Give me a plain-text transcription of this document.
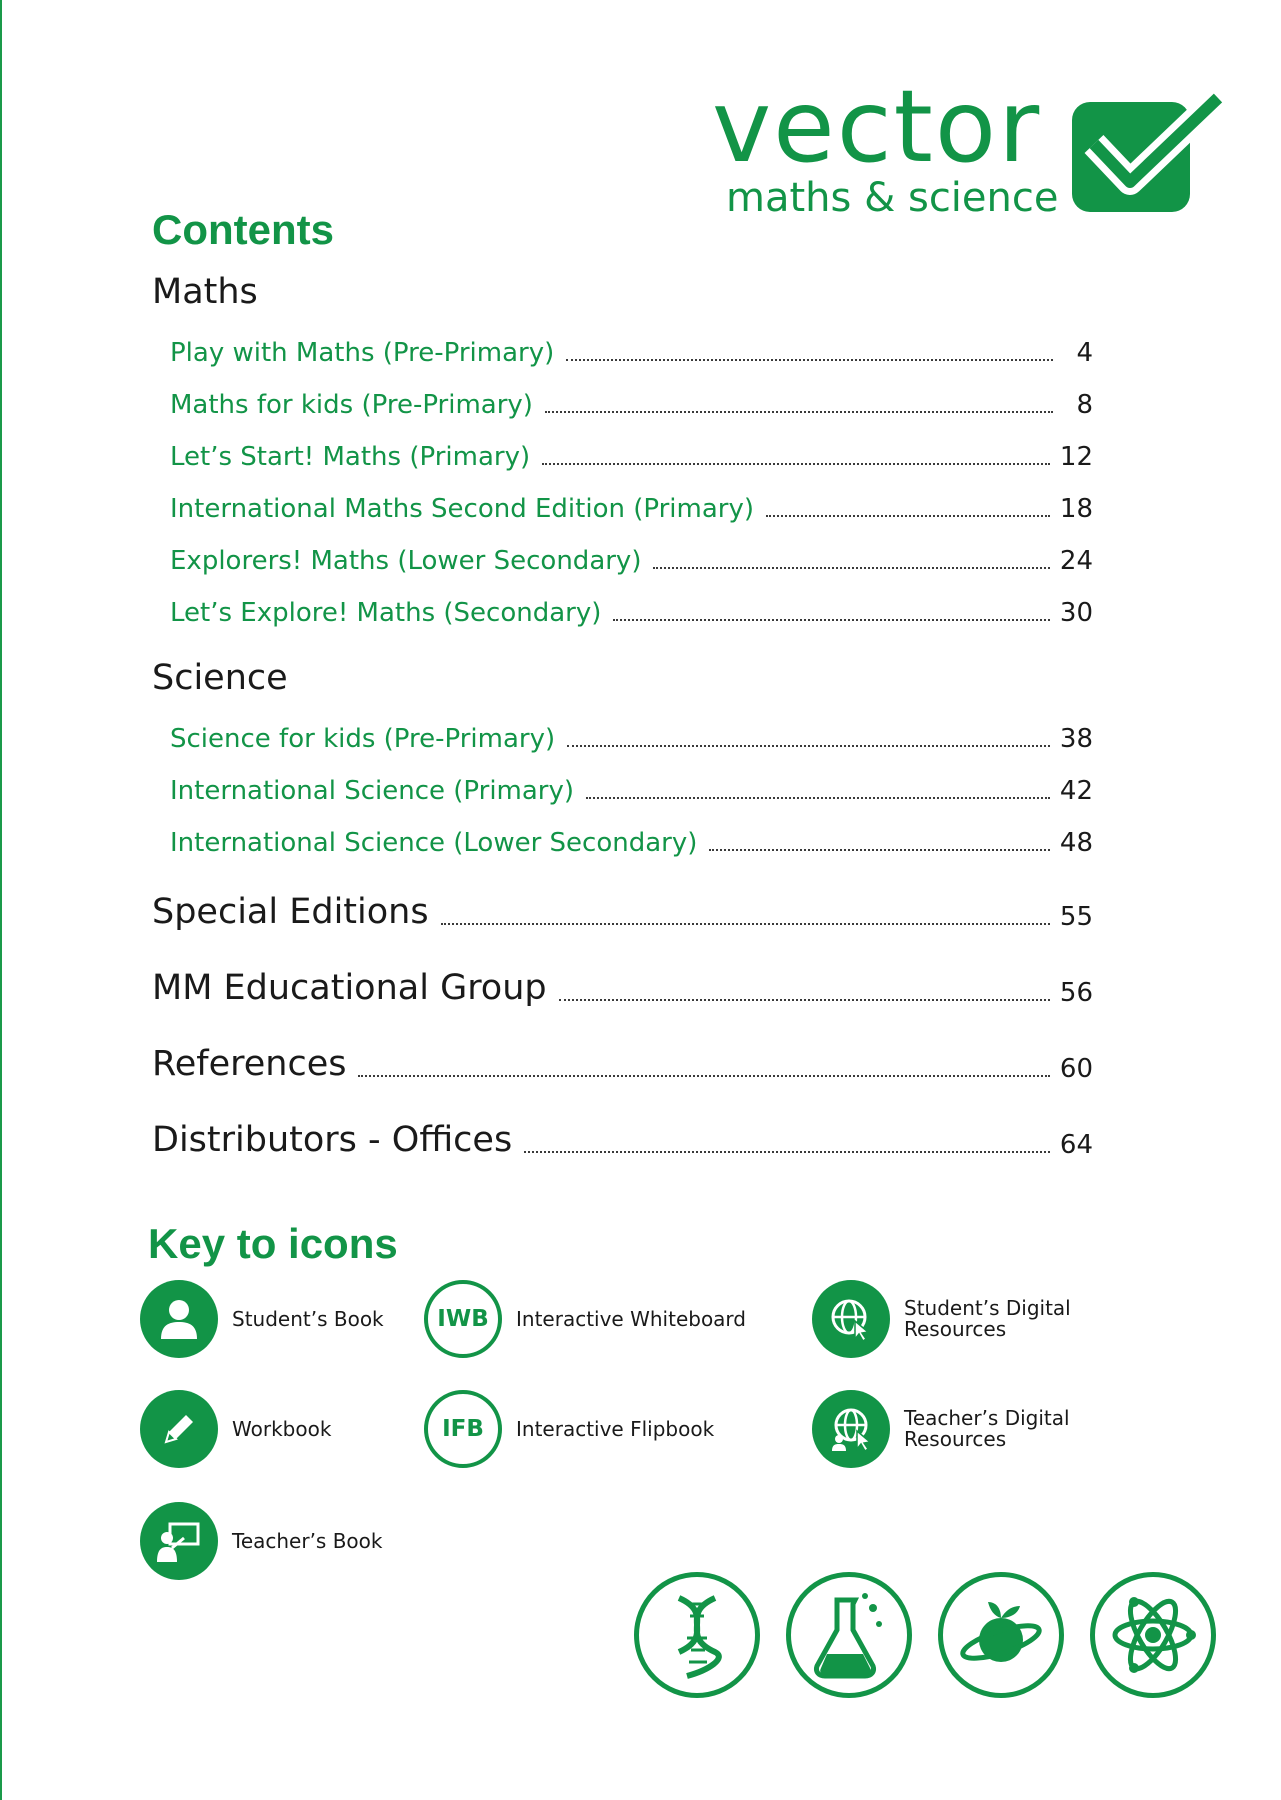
vector
maths & science
Contents
Maths
Play with Maths (Pre-Primary)	4
Maths for kids (Pre-Primary)	8
Let’s Start! Maths (Primary)	12
International Maths Second Edition (Primary)	18
Explorers! Maths (Lower Secondary)	24
Let’s Explore! Maths (Secondary)	30
Science
Science for kids (Pre-Primary)	38
International Science (Primary)	42
International Science (Lower Secondary)	48
Special Editions	55
MM Educational Group	56
References	60
Distributors - Offices	64
Key to icons
Student’s Book
Workbook
Teacher’s Book
IWB Interactive Whiteboard
IFB Interactive Flipbook
Student’s Digital
Resources
Teacher’s Digital
Resources
